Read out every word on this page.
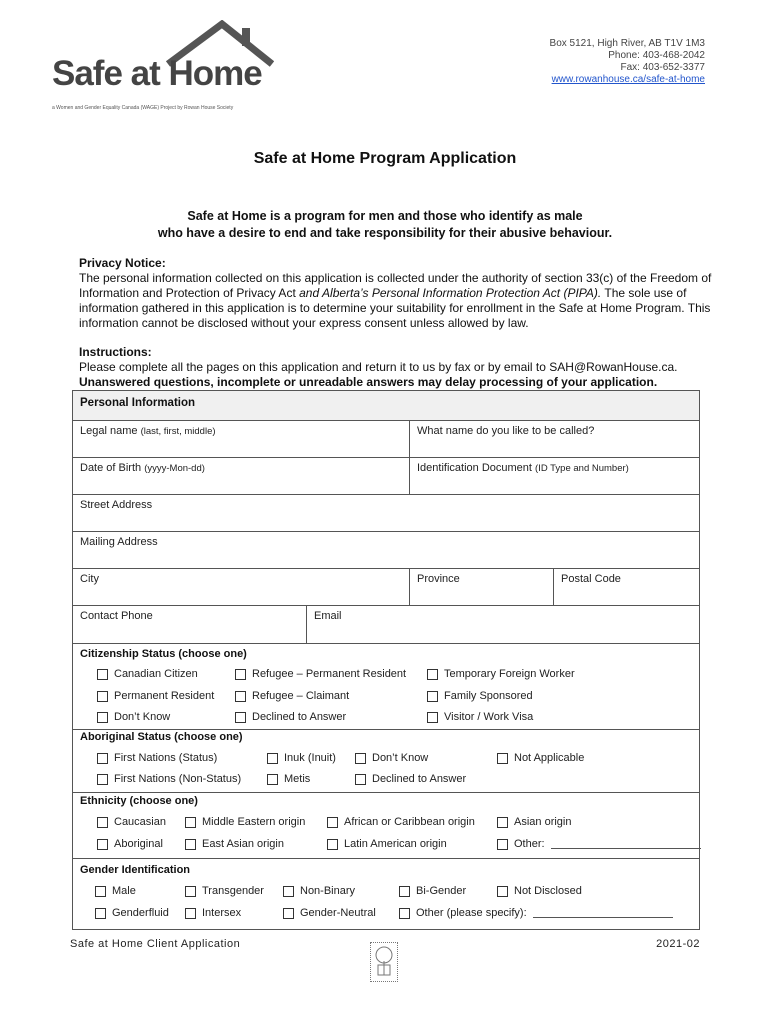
Safe at Home
a Women and Gender Equality Canada (WAGE) Project by Rowan House Society
Box 5121, High River, AB T1V 1M3
Phone: 403-468-2042
Fax: 403-652-3377
www.rowanhouse.ca/safe-at-home
Safe at Home Program Application
Safe at Home is a program for men and those who identify as male
who have a desire to end and take responsibility for their abusive behaviour.
Privacy Notice:
The personal information collected on this application is collected under the authority of section 33(c) of the Freedom of Information and Protection of Privacy Act and Alberta’s Personal Information Protection Act (PIPA). The sole use of information gathered in this application is to determine your suitability for enrollment in the Safe at Home Program. This information cannot be disclosed without your express consent unless allowed by law.
Instructions:
Please complete all the pages on this application and return it to us by fax or by email to SAH@RowanHouse.ca.
Unanswered questions, incomplete or unreadable answers may delay processing of your application.
Personal Information
Legal name (last, first, middle)	What name do you like to be called?
Date of Birth (yyyy-Mon-dd)	Identification Document (ID Type and Number)
Street Address
Mailing Address
City	Province	Postal Code
Contact Phone	Email
Citizenship Status (choose one)
Canadian Citizen	Refugee – Permanent Resident	Temporary Foreign Worker
Permanent Resident	Refugee – Claimant	Family Sponsored
Don’t Know	Declined to Answer	Visitor / Work Visa
Aboriginal Status (choose one)
First Nations (Status)	Inuk (Inuit)	Don’t Know	Not Applicable
First Nations (Non-Status)	Metis	Declined to Answer
Ethnicity (choose one)
Caucasian	Middle Eastern origin	African or Caribbean origin	Asian origin
Aboriginal	East Asian origin	Latin American origin	Other:
Gender Identification
Male	Transgender	Non-Binary	Bi-Gender	Not Disclosed
Genderfluid	Intersex	Gender-Neutral	Other (please specify):
Safe at Home Client Application	2021-02
